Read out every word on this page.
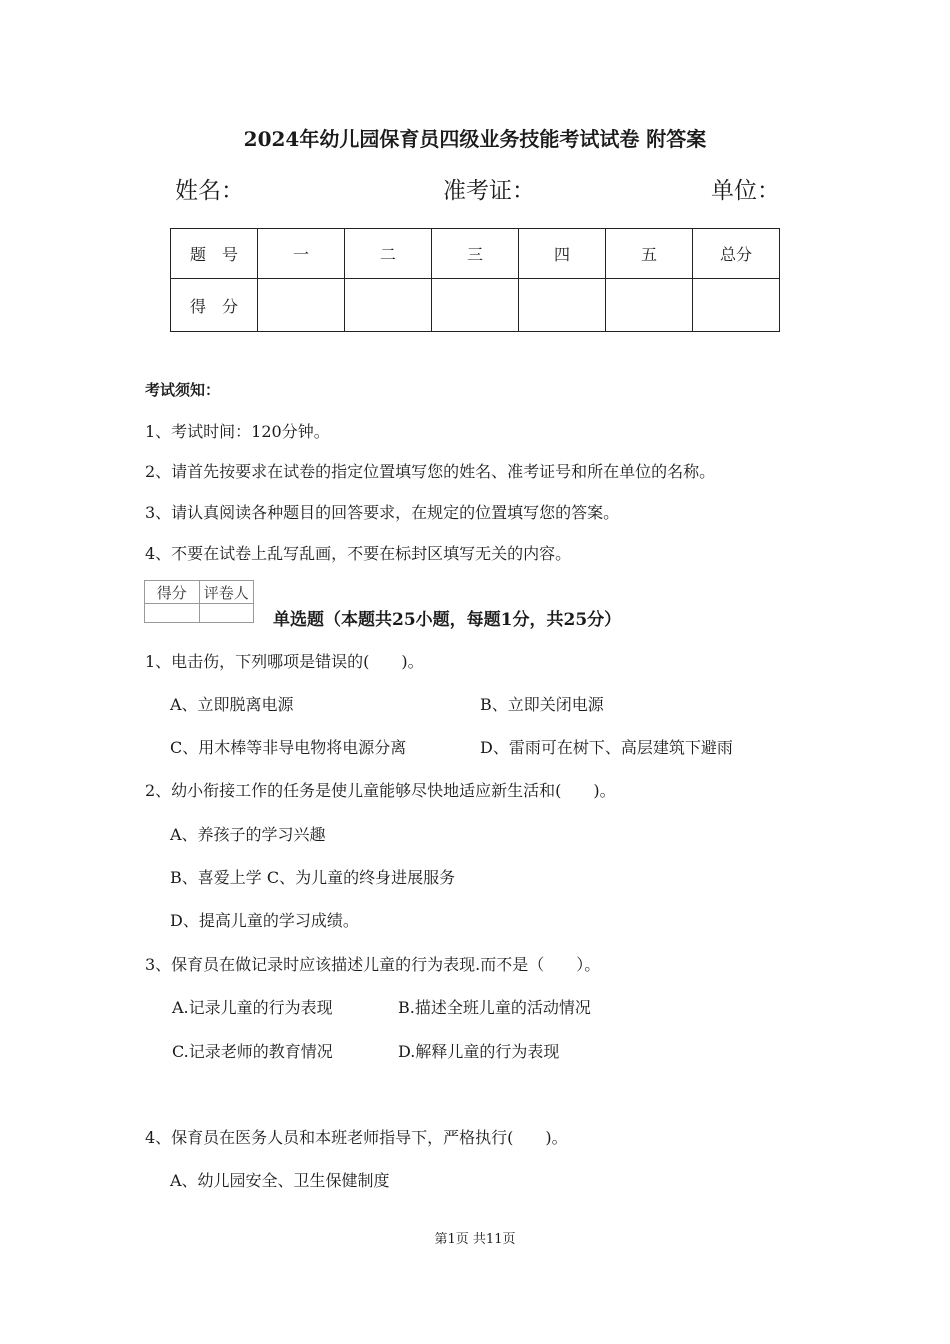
2024年幼儿园保育员四级业务技能考试试卷 附答案
姓名：	准考证：	单位：
题　号	一	二	三	四	五	总分
得　分						
考试须知：
1、考试时间：120分钟。
2、请首先按要求在试卷的指定位置填写您的姓名、准考证号和所在单位的名称。
3、请认真阅读各种题目的回答要求，在规定的位置填写您的答案。
4、不要在试卷上乱写乱画，不要在标封区填写无关的内容。
得分	评卷人

单选题（本题共25小题，每题1分，共25分）
1、电击伤，下列哪项是错误的(　　)。
A、立即脱离电源	B、立即关闭电源
C、用木棒等非导电物将电源分离	D、雷雨可在树下、高层建筑下避雨
2、幼小衔接工作的任务是使儿童能够尽快地适应新生活和(　　)。
A、养孩子的学习兴趣
B、喜爱上学 C、为儿童的终身进展服务
D、提高儿童的学习成绩。
3、保育员在做记录时应该描述儿童的行为表现.而不是（　　）。
A.记录儿童的行为表现	B.描述全班儿童的活动情况
C.记录老师的教育情况	D.解释儿童的行为表现
4、保育员在医务人员和本班老师指导下，严格执行(　　)。
A、幼儿园安全、卫生保健制度
第1页 共11页
